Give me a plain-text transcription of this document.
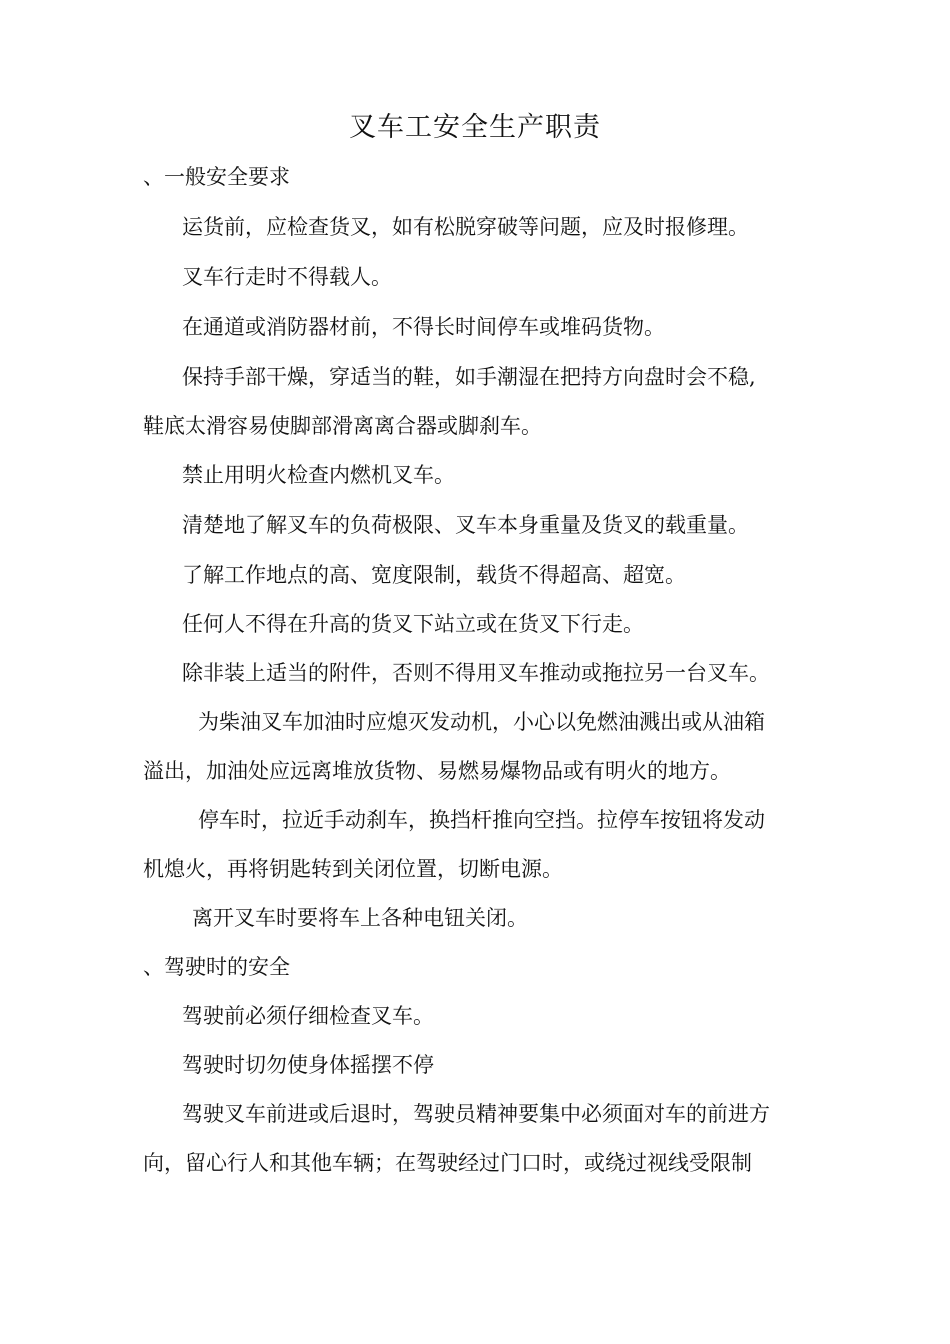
叉车工安全生产职责
、一般安全要求
运货前，应检查货叉，如有松脱穿破等问题，应及时报修理。
叉车行走时不得载人。
在通道或消防器材前，不得长时间停车或堆码货物。
保持手部干燥，穿适当的鞋，如手潮湿在把持方向盘时会不稳,
鞋底太滑容易使脚部滑离离合器或脚刹车。
禁止用明火检查内燃机叉车。
清楚地了解叉车的负荷极限、叉车本身重量及货叉的载重量。
了解工作地点的高、宽度限制，载货不得超高、超宽。
任何人不得在升高的货叉下站立或在货叉下行走。
除非装上适当的附件，否则不得用叉车推动或拖拉另一台叉车。
为柴油叉车加油时应熄灭发动机，小心以免燃油溅出或从油箱
溢出，加油处应远离堆放货物、易燃易爆物品或有明火的地方。
停车时，拉近手动刹车，换挡杆推向空挡。拉停车按钮将发动
机熄火，再将钥匙转到关闭位置，切断电源。
离开叉车时要将车上各种电钮关闭。
、驾驶时的安全
驾驶前必须仔细检查叉车。
驾驶时切勿使身体摇摆不停
驾驶叉车前进或后退时，驾驶员精神要集中必须面对车的前进方
向，留心行人和其他车辆；在驾驶经过门口时，或绕过视线受限制
